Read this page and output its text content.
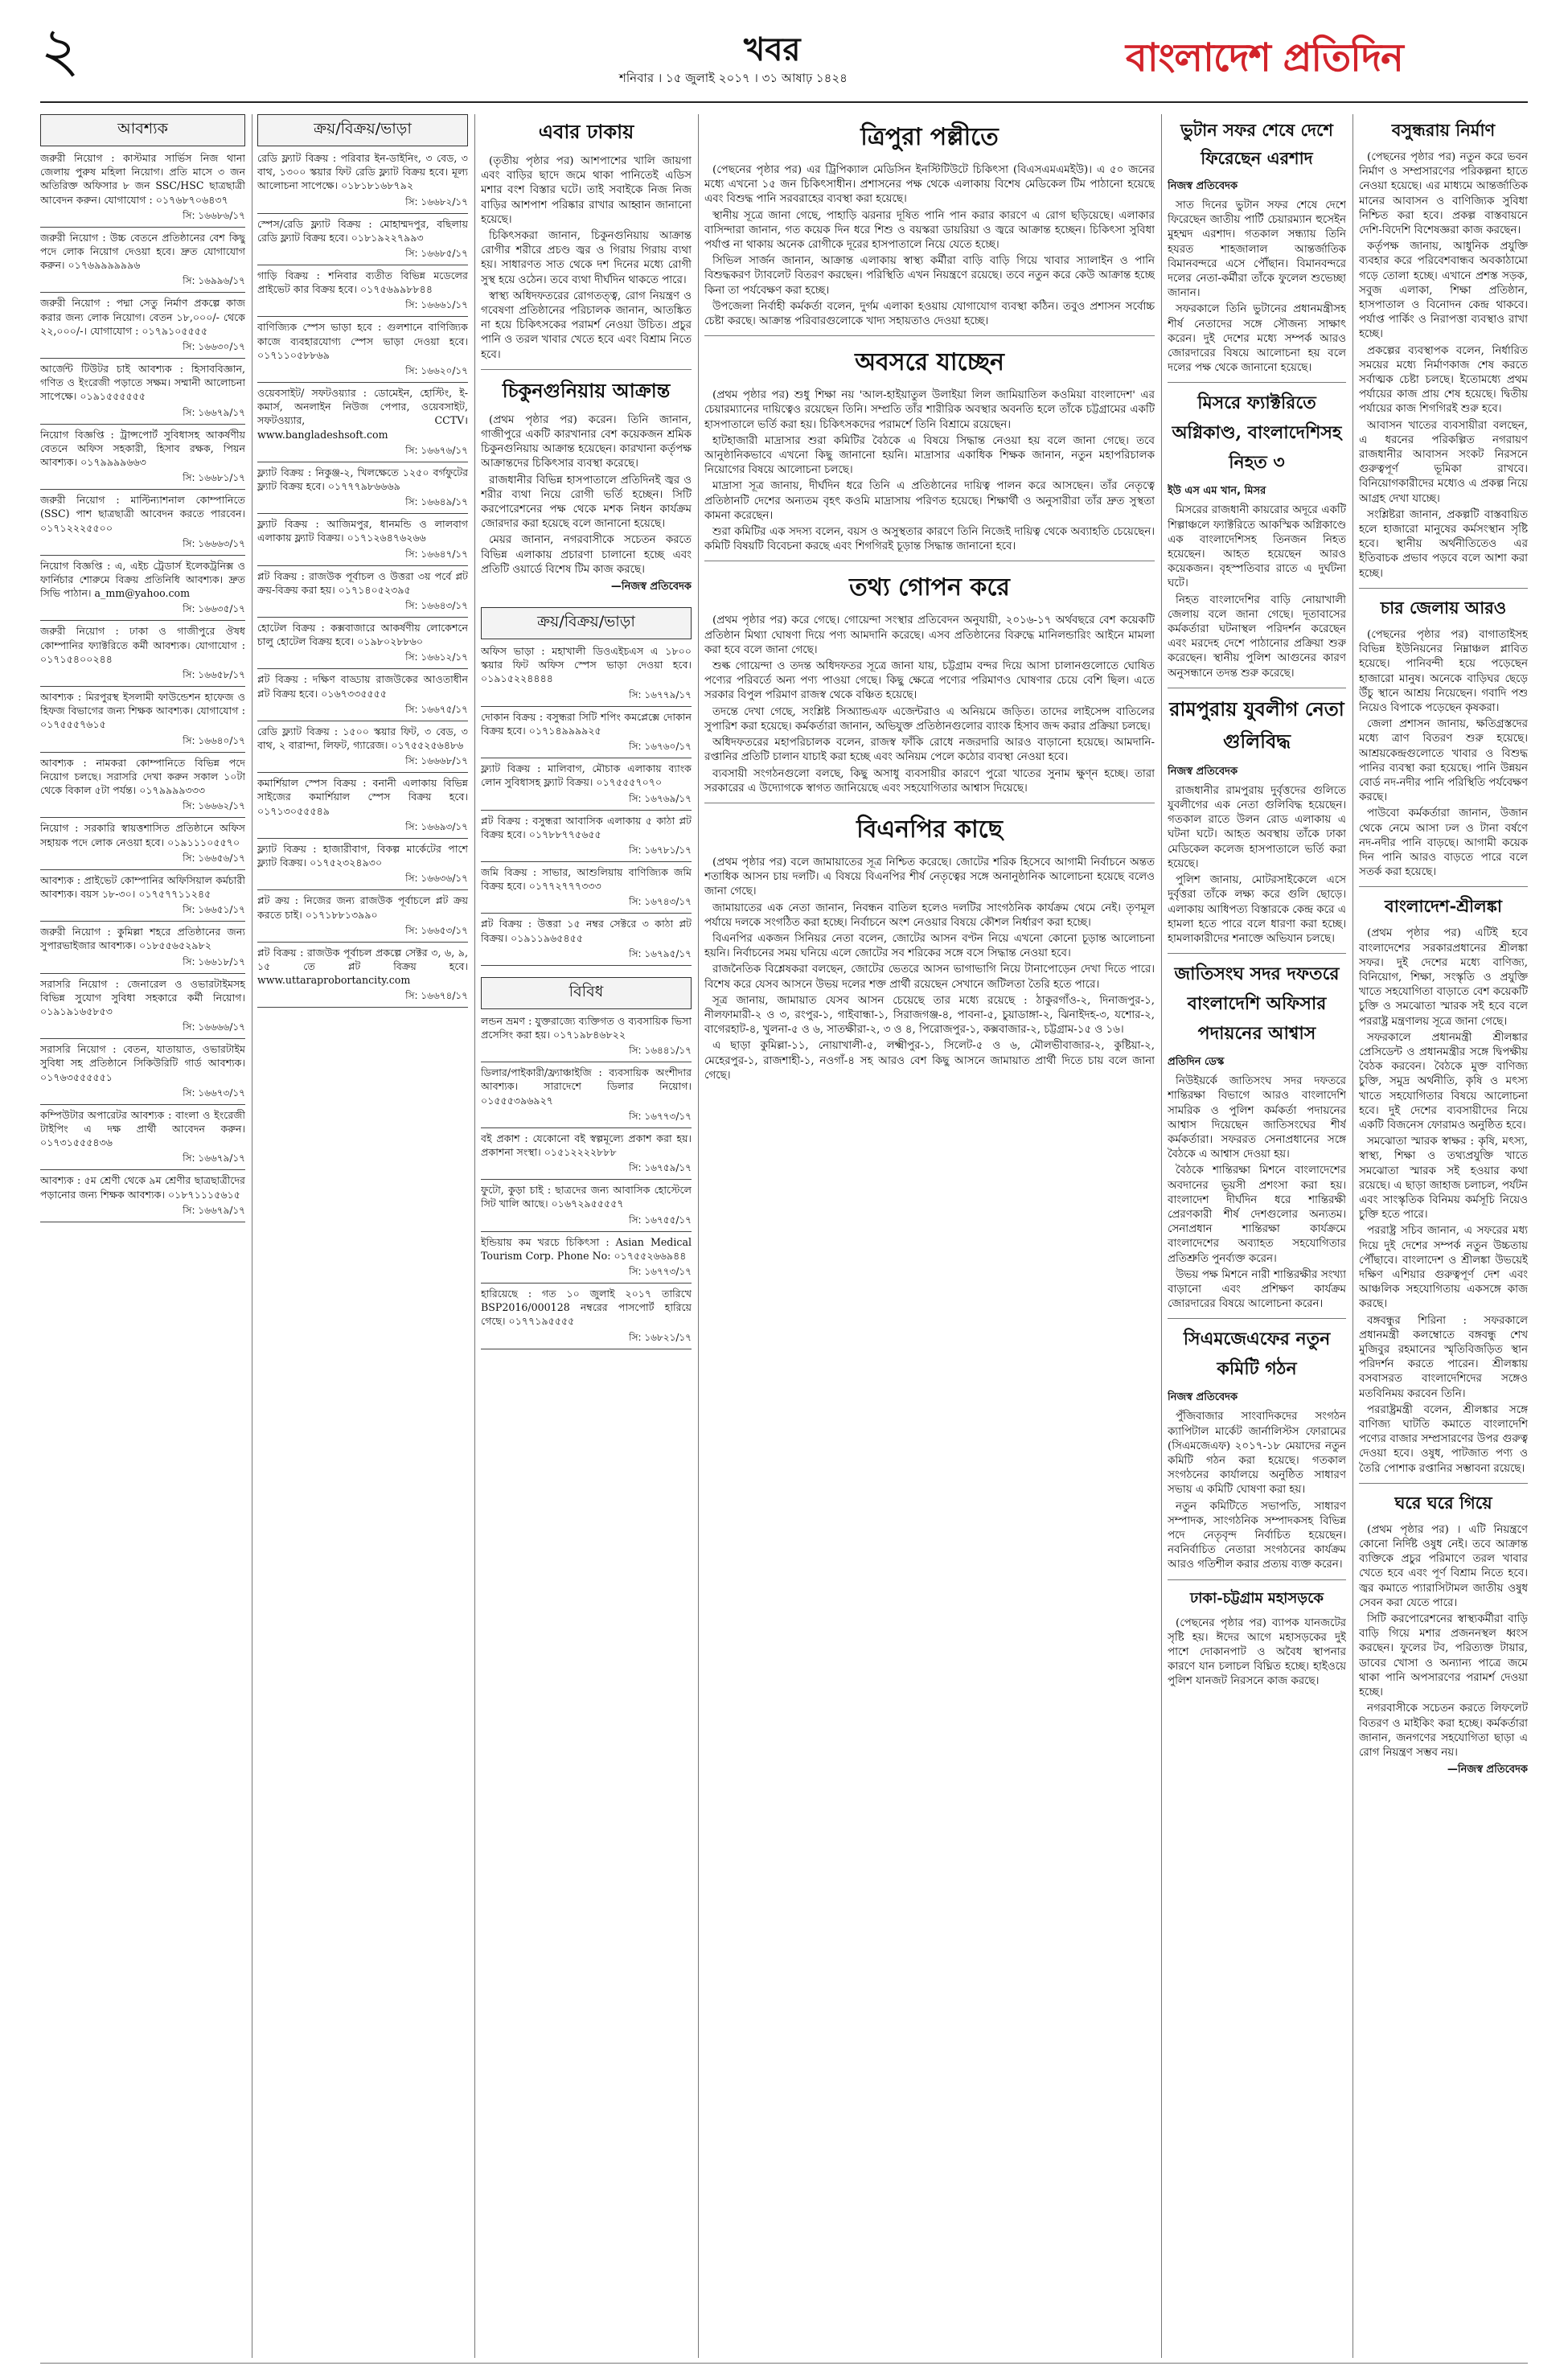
২	খবর
শনিবার । ১৫ জুলাই ২০১৭ । ৩১ আষাঢ় ১৪২৪	বাংলাদেশ প্রতিদিন
আবশ্যক
জরুরী নিয়োগ : কাস্টমার সার্ভিস নিজ থানা জেলায় পুরুষ মহিলা নিয়োগ। প্রতি মাসে ৩ জন অতিরিক্ত অফিসার ৮ জন SSC/HSC ছাত্রছাত্রী আবেদন করুন। যোগাযোগ : ০১৭৬৮৭০৬৪৩৭
সি: ১৬৬৮৬/১৭
জরুরী নিয়োগ : উচ্চ বেতনে প্রতিষ্ঠানের বেশ কিছু পদে লোক নিয়োগ দেওয়া হবে। দ্রুত যোগাযোগ করুন। ০১৭৬৯৯৯৯৯৯৬
সি: ১৬৯৯৬/১৭
জরুরী নিয়োগ : পদ্মা সেতু নির্মাণ প্রকল্পে কাজ করার জন্য লোক নিয়োগ। বেতন ১৮,০০০/- থেকে ২২,০০০/-। যোগাযোগ : ০১৭৯১০৫৫৫৫
সি: ১৬৬৩০/১৭
আর্জেন্ট টিউটর চাই আবশ্যক : হিসাববিজ্ঞান, গণিত ও ইংরেজী পড়াতে সক্ষম। সম্মানী আলোচনা সাপেক্ষে। ০১৯১৫৫৫৫৫৫
সি: ১৬৬৭৯/১৭
নিয়োগ বিজ্ঞপ্তি : ট্রান্সপোর্ট সুবিধাসহ আকর্ষণীয় বেতনে অফিস সহকারী, হিসাব রক্ষক, পিয়ন আবশ্যক। ০১৭৯৯৯৯৬৬৩
সি: ১৬৬৮১/১৭
জরুরী নিয়োগ : মাল্টিন্যাশনাল কোম্পানিতে (SSC) পাশ ছাত্রছাত্রী আবেদন করতে পারবেন। ০১৭১২২২৫৫০০
সি: ১৬৬৬৩/১৭
নিয়োগ বিজ্ঞপ্তি : এ, এইচ ট্রেডার্স ইলেকট্রনিক্স ও ফার্নিচার শোরুমে বিক্রয় প্রতিনিধি আবশ্যক। দ্রুত সিভি পাঠান। a_mm@yahoo.com
সি: ১৬৬৩৫/১৭
জরুরী নিয়োগ : ঢাকা ও গাজীপুরে ঔষধ কোম্পানির ফ্যাক্টরিতে কর্মী আবশ্যক। যোগাযোগ : ০১৭১৫৪০০২৪৪
সি: ১৬৬৫৮/১৭
আবশ্যক : মিরপুরস্থ ইসলামী ফাউন্ডেশন হাফেজ ও হিফজ বিভাগের জন্য শিক্ষক আবশ্যক। যোগাযোগ : ০১৭৫৫৫৭৬১৫
সি: ১৬৬৪০/১৭
আবশ্যক : নামকরা কোম্পানিতে বিভিন্ন পদে নিয়োগ চলছে। সরাসরি দেখা করুন সকাল ১০টা থেকে বিকাল ৫টা পর্যন্ত। ০১৭৯৯৯৯৩৩৩
সি: ১৬৬৬২/১৭
নিয়োগ : সরকারি স্বায়ত্তশাসিত প্রতিষ্ঠানে অফিস সহায়ক পদে লোক নেওয়া হবে। ০১৯১১১০৫৫৭০
সি: ১৬৬৫৬/১৭
আবশ্যক : প্রাইভেট কোম্পানির অফিসিয়াল কর্মচারী আবশ্যক। বয়স ১৮-৩০। ০১৭৫৭৭১১২৪৫
সি: ১৬৬৫১/১৭
জরুরী নিয়োগ : কুমিল্লা শহরে প্রতিষ্ঠানের জন্য সুপারভাইজার আবশ্যক। ০১৮৫৫৬৫২৯৮২
সি: ১৬৬১৮/১৭
সরাসরি নিয়োগ : জেনারেল ও ওভারটাইমসহ বিভিন্ন সুযোগ সুবিধা সহকারে কর্মী নিয়োগ। ০১৯১৯১৬৫৮৫৩
সি: ১৬৬৬৬/১৭
সরাসরি নিয়োগ : বেতন, যাতায়াত, ওভারটাইম সুবিধা সহ প্রতিষ্ঠানে সিকিউরিটি গার্ড আবশ্যক। ০১৭৬৩৫৫৫৫৫১
সি: ১৬৬৭৩/১৭
কম্পিউটার অপারেটর আবশ্যক : বাংলা ও ইংরেজী টাইপিং এ দক্ষ প্রার্থী আবেদন করুন। ০১৭৩১৫৫৫৪৩৬
সি: ১৬৬৭৯/১৭
আবশ্যক : ৫ম শ্রেণী থেকে ৯ম শ্রেণীর ছাত্রছাত্রীদের পড়ানোর জন্য শিক্ষক আবশ্যক। ০১৮৭১১১৫৬১৫
সি: ১৬৬৭৯/১৭
ক্রয়/বিক্রয়/ভাড়া
রেডি ফ্ল্যাট বিক্রয় : পরিবার ইন-ডাইনিং, ৩ বেড, ৩ বাথ, ১৩০০ স্কয়ার ফিট রেডি ফ্ল্যাট বিক্রয় হবে। মূল্য আলোচনা সাপেক্ষে। ০১৮১৮১৬৮৭৯২
সি: ১৬৬৮২/১৭
স্পেস/রেডি ফ্ল্যাট বিক্রয় : মোহাম্মদপুর, বছিলায় রেডি ফ্ল্যাট বিক্রয় হবে। ০১৮১৯২২৭৯৯৩
সি: ১৬৬৮৫/১৭
গাড়ি বিক্রয় : শনিবার ব্যতীত বিভিন্ন মডেলের প্রাইভেট কার বিক্রয় হবে। ০১৭৫৬৯৯৮৮৪৪
সি: ১৬৬৬১/১৭
বাণিজ্যিক স্পেস ভাড়া হবে : গুলশানে বাণিজ্যিক কাজে ব্যবহারযোগ্য স্পেস ভাড়া দেওয়া হবে। ০১৭১১০৫৮৮৬৯
সি: ১৬৬২০/১৭
ওয়েবসাইট/ সফটওয়্যার : ডোমেইন, হোস্টিং, ই-কমার্স, অনলাইন নিউজ পেপার, ওয়েবসাইট, সফটওয়্যার, CCTV। www.bangladeshsoft.com
সি: ১৬৬৭৬/১৭
ফ্ল্যাট বিক্রয় : নিকুঞ্জ-২, খিলক্ষেতে ১২৫০ বর্গফুটের ফ্ল্যাট বিক্রয় হবে। ০১৭৭৭৯৮৬৬৬৯
সি: ১৬৬৪৯/১৭
ফ্ল্যাট বিক্রয় : আজিমপুর, ধানমন্ডি ও লালবাগ এলাকায় ফ্ল্যাট বিক্রয়। ০১৭১২৬৪৭৬২৬৬
সি: ১৬৬৪৭/১৭
প্লট বিক্রয় : রাজউক পূর্বাচল ও উত্তরা ৩য় পর্বে প্লট ক্রয়-বিক্রয় করা হয়। ০১৭১৪০৫২৩৯৫
সি: ১৬৬৪৩/১৭
হোটেল বিক্রয় : কক্সবাজারে আকর্ষণীয় লোকেশনে চালু হোটেল বিক্রয় হবে। ০১৯৮০২৮৮৬০
সি: ১৬৬১২/১৭
প্লট বিক্রয় : দক্ষিণ বাড্ডায় রাজউকের আওতাধীন প্লট বিক্রয় হবে। ০১৬৭৩৩৫৫৫৫
সি: ১৬৬৭৫/১৭
রেডি ফ্ল্যাট বিক্রয় : ১৫০০ স্কয়ার ফিট, ৩ বেড, ৩ বাথ, ২ বারান্দা, লিফট, গ্যারেজ। ০১৭৫৫২৫৬৪৮৬
সি: ১৬৬৬৮/১৭
কমার্শিয়াল স্পেস বিক্রয় : বনানী এলাকায় বিভিন্ন সাইজের কমার্শিয়াল স্পেস বিক্রয় হবে। ০১৭১৩০৫৫৫৪৯
সি: ১৬৬৯৩/১৭
ফ্ল্যাট বিক্রয় : হাজারীবাগ, বিকল্প মার্কেটের পাশে ফ্ল্যাট বিক্রয়। ০১৭৫২৩২৪৯৩০
সি: ১৬৬৩৬/১৭
প্লট ক্রয় : নিজের জন্য রাজউক পূর্বাচলে প্লট ক্রয় করতে চাই। ০১৭১৮৮১৩৯৯০
সি: ১৬৬৫৩/১৭
প্লট বিক্রয় : রাজউক পূর্বাচল প্রকল্পে সেক্টর ৩, ৬, ৯, ১৫ তে প্লট বিক্রয় হবে। www.uttaraprobortancity.com
সি: ১৬৬৭৪/১৭
এবার ঢাকায়

(তৃতীয় পৃষ্ঠার পর) আশপাশের খালি জায়গা এবং বাড়ির ছাদে জমে থাকা পানিতেই এডিস মশার বংশ বিস্তার ঘটে। তাই সবাইকে নিজ নিজ বাড়ির আশপাশ পরিষ্কার রাখার আহ্বান জানানো হয়েছে।

চিকিৎসকরা জানান, চিকুনগুনিয়ায় আক্রান্ত রোগীর শরীরে প্রচণ্ড জ্বর ও গিরায় গিরায় ব্যথা হয়। সাধারণত সাত থেকে দশ দিনের মধ্যে রোগী সুস্থ হয়ে ওঠেন। তবে ব্যথা দীর্ঘদিন থাকতে পারে।

স্বাস্থ্য অধিদফতরের রোগতত্ত্ব, রোগ নিয়ন্ত্রণ ও গবেষণা প্রতিষ্ঠানের পরিচালক জানান, আতঙ্কিত না হয়ে চিকিৎসকের পরামর্শ নেওয়া উচিত। প্রচুর পানি ও তরল খাবার খেতে হবে এবং বিশ্রাম নিতে হবে।

চিকুনগুনিয়ায় আক্রান্ত

(প্রথম পৃষ্ঠার পর) করেন। তিনি জানান, গাজীপুরে একটি কারখানার বেশ কয়েকজন শ্রমিক চিকুনগুনিয়ায় আক্রান্ত হয়েছেন। কারখানা কর্তৃপক্ষ আক্রান্তদের চিকিৎসার ব্যবস্থা করেছে।

রাজধানীর বিভিন্ন হাসপাতালে প্রতিদিনই জ্বর ও শরীর ব্যথা নিয়ে রোগী ভর্তি হচ্ছেন। সিটি করপোরেশনের পক্ষ থেকে মশক নিধন কার্যক্রম জোরদার করা হয়েছে বলে জানানো হয়েছে।

মেয়র জানান, নগরবাসীকে সচেতন করতে বিভিন্ন এলাকায় প্রচারণা চালানো হচ্ছে এবং প্রতিটি ওয়ার্ডে বিশেষ টিম কাজ করছে।

—নিজস্ব প্রতিবেদক
ক্রয়/বিক্রয়/ভাড়া
অফিস ভাড়া : মহাখালী ডিওএইচএস এ ১৮০০ স্কয়ার ফিট অফিস স্পেস ভাড়া দেওয়া হবে। ০১৯১৫২২৪৪৪৪
সি: ১৬৭৭৯/১৭
দোকান বিক্রয় : বসুন্ধরা সিটি শপিং কমপ্লেক্সে দোকান বিক্রয় হবে। ০১৭১৪৯৯৯৯২৫
সি: ১৬৭৬০/১৭
ফ্ল্যাট বিক্রয় : মালিবাগ, মৌচাক এলাকায় ব্যাংক লোন সুবিধাসহ ফ্ল্যাট বিক্রয়। ০১৭৫৫৫৭০৭০
সি: ১৬৭৬৯/১৭
প্লট বিক্রয় : বসুন্ধরা আবাসিক এলাকায় ৫ কাঠা প্লট বিক্রয় হবে। ০১৭৮৮৭৭৫৬৫৫
সি: ১৬৭৮১/১৭
জমি বিক্রয় : সাভার, আশুলিয়ায় বাণিজ্যিক জমি বিক্রয় হবে। ০১৭৭২৭৭৭৩৩৩
সি: ১৬৭৪৩/১৭
প্লট বিক্রয় : উত্তরা ১৫ নম্বর সেক্টরে ৩ কাঠা প্লট বিক্রয়। ০১৯১১৯৬৫৪৫৫
সি: ১৬৭৯৫/১৭
বিবিধ
লন্ডন ভ্রমণ : যুক্তরাজ্যে ব্যক্তিগত ও ব্যবসায়িক ভিসা প্রসেসিং করা হয়। ০১৭১৯৮৪৬৮২২
সি: ১৬৪৪১/১৭
ডিলার/পাইকারী/ফ্র্যাঞ্চাইজি : ব্যবসায়িক অংশীদার আবশ্যক। সারাদেশে ডিলার নিয়োগ। ০১৫৫৫৩৯৬৯২৭
সি: ১৬৭৭৩/১৭
বই প্রকাশ : যেকোনো বই স্বল্পমূল্যে প্রকাশ করা হয়। প্রকাশনা সংস্থা। ০১৫১২২২২৮৮৮
সি: ১৬৭৫৯/১৭
ফুটো, কুড়া চাই : ছাত্রদের জন্য আবাসিক হোস্টেলে সিট খালি আছে। ০১৬৭২৯৫৫৫৫৭
সি: ১৬৭৫৫/১৭
ইন্ডিয়ায় কম খরচে চিকিৎসা : Asian Medical Tourism Corp. Phone No: ০১৭৫৫২৬৬৯৪৪
সি: ১৬৭৭৩/১৭
হারিয়েছে : গত ১০ জুলাই ২০১৭ তারিখে BSP2016/000128 নম্বরের পাসপোর্ট হারিয়ে গেছে। ০১৭৭১৯৫৫৫৫
সি: ১৬৮২১/১৭
ত্রিপুরা পল্লীতে

(পেছনের পৃষ্ঠার পর) এর ট্রিপিক্যাল মেডিসিন ইনস্টিটিউটে চিকিৎসা (বিএসএমএমইউ)। এ ৫০ জনের মধ্যে এখনো ১৫ জন চিকিৎসাধীন। প্রশাসনের পক্ষ থেকে এলাকায় বিশেষ মেডিকেল টিম পাঠানো হয়েছে এবং বিশুদ্ধ পানি সরবরাহের ব্যবস্থা করা হয়েছে।

স্থানীয় সূত্রে জানা গেছে, পাহাড়ি ঝরনার দূষিত পানি পান করার কারণে এ রোগ ছড়িয়েছে। এলাকার বাসিন্দারা জানান, গত কয়েক দিন ধরে শিশু ও বয়স্করা ডায়রিয়া ও জ্বরে আক্রান্ত হচ্ছেন। চিকিৎসা সুবিধা পর্যাপ্ত না থাকায় অনেক রোগীকে দূরের হাসপাতালে নিয়ে যেতে হচ্ছে।

সিভিল সার্জন জানান, আক্রান্ত এলাকায় স্বাস্থ্য কর্মীরা বাড়ি বাড়ি গিয়ে খাবার স্যালাইন ও পানি বিশুদ্ধকরণ ট্যাবলেট বিতরণ করছেন। পরিস্থিতি এখন নিয়ন্ত্রণে রয়েছে। তবে নতুন করে কেউ আক্রান্ত হচ্ছে কিনা তা পর্যবেক্ষণ করা হচ্ছে।

উপজেলা নির্বাহী কর্মকর্তা বলেন, দুর্গম এলাকা হওয়ায় যোগাযোগ ব্যবস্থা কঠিন। তবুও প্রশাসন সর্বোচ্চ চেষ্টা করছে। আক্রান্ত পরিবারগুলোকে খাদ্য সহায়তাও দেওয়া হচ্ছে।

অবসরে যাচ্ছেন

(প্রথম পৃষ্ঠার পর) শুধু শিক্ষা নয় 'আল-হাইয়াতুল উলাইয়া লিল জামিয়াতিল কওমিয়া বাংলাদেশ' এর চেয়ারম্যানের দায়িত্বেও রয়েছেন তিনি। সম্প্রতি তাঁর শারীরিক অবস্থার অবনতি হলে তাঁকে চট্টগ্রামের একটি হাসপাতালে ভর্তি করা হয়। চিকিৎসকদের পরামর্শে তিনি বিশ্রামে রয়েছেন।

হাটহাজারী মাদ্রাসার শুরা কমিটির বৈঠকে এ বিষয়ে সিদ্ধান্ত নেওয়া হয় বলে জানা গেছে। তবে আনুষ্ঠানিকভাবে এখনো কিছু জানানো হয়নি। মাদ্রাসার একাধিক শিক্ষক জানান, নতুন মহাপরিচালক নিয়োগের বিষয়ে আলোচনা চলছে।

মাদ্রাসা সূত্র জানায়, দীর্ঘদিন ধরে তিনি এ প্রতিষ্ঠানের দায়িত্ব পালন করে আসছেন। তাঁর নেতৃত্বে প্রতিষ্ঠানটি দেশের অন্যতম বৃহৎ কওমি মাদ্রাসায় পরিণত হয়েছে। শিক্ষার্থী ও অনুসারীরা তাঁর দ্রুত সুস্থতা কামনা করেছেন।

শুরা কমিটির এক সদস্য বলেন, বয়স ও অসুস্থতার কারণে তিনি নিজেই দায়িত্ব থেকে অব্যাহতি চেয়েছেন। কমিটি বিষয়টি বিবেচনা করছে এবং শিগগিরই চূড়ান্ত সিদ্ধান্ত জানানো হবে।

তথ্য গোপন করে

(প্রথম পৃষ্ঠার পর) করে গেছে। গোয়েন্দা সংস্থার প্রতিবেদন অনুযায়ী, ২০১৬-১৭ অর্থবছরে বেশ কয়েকটি প্রতিষ্ঠান মিথ্যা ঘোষণা দিয়ে পণ্য আমদানি করেছে। এসব প্রতিষ্ঠানের বিরুদ্ধে মানিলন্ডারিং আইনে মামলা করা হবে বলে জানা গেছে।

শুল্ক গোয়েন্দা ও তদন্ত অধিদফতর সূত্রে জানা যায়, চট্টগ্রাম বন্দর দিয়ে আসা চালানগুলোতে ঘোষিত পণ্যের পরিবর্তে অন্য পণ্য পাওয়া গেছে। কিছু ক্ষেত্রে পণ্যের পরিমাণও ঘোষণার চেয়ে বেশি ছিল। এতে সরকার বিপুল পরিমাণ রাজস্ব থেকে বঞ্চিত হয়েছে।

তদন্তে দেখা গেছে, সংশ্লিষ্ট সিঅ্যান্ডএফ এজেন্টরাও এ অনিয়মে জড়িত। তাদের লাইসেন্স বাতিলের সুপারিশ করা হয়েছে। কর্মকর্তারা জানান, অভিযুক্ত প্রতিষ্ঠানগুলোর ব্যাংক হিসাব জব্দ করার প্রক্রিয়া চলছে।

অধিদফতরের মহাপরিচালক বলেন, রাজস্ব ফাঁকি রোধে নজরদারি আরও বাড়ানো হয়েছে। আমদানি-রপ্তানির প্রতিটি চালান যাচাই করা হচ্ছে এবং অনিয়ম পেলে কঠোর ব্যবস্থা নেওয়া হবে।

ব্যবসায়ী সংগঠনগুলো বলছে, কিছু অসাধু ব্যবসায়ীর কারণে পুরো খাতের সুনাম ক্ষুণ্ন হচ্ছে। তারা সরকারের এ উদ্যোগকে স্বাগত জানিয়েছে এবং সহযোগিতার আশ্বাস দিয়েছে।

বিএনপির কাছে

(প্রথম পৃষ্ঠার পর) বলে জামায়াতের সূত্র নিশ্চিত করেছে। জোটের শরিক হিসেবে আগামী নির্বাচনে অন্তত শতাধিক আসন চায় দলটি। এ বিষয়ে বিএনপির শীর্ষ নেতৃত্বের সঙ্গে অনানুষ্ঠানিক আলোচনা হয়েছে বলেও জানা গেছে।

জামায়াতের এক নেতা জানান, নিবন্ধন বাতিল হলেও দলটির সাংগঠনিক কার্যক্রম থেমে নেই। তৃণমূল পর্যায়ে দলকে সংগঠিত করা হচ্ছে। নির্বাচনে অংশ নেওয়ার বিষয়ে কৌশল নির্ধারণ করা হচ্ছে।

বিএনপির একজন সিনিয়র নেতা বলেন, জোটের আসন বণ্টন নিয়ে এখনো কোনো চূড়ান্ত আলোচনা হয়নি। নির্বাচনের সময় ঘনিয়ে এলে জোটের সব শরিকের সঙ্গে বসে সিদ্ধান্ত নেওয়া হবে।

রাজনৈতিক বিশ্লেষকরা বলছেন, জোটের ভেতরে আসন ভাগাভাগি নিয়ে টানাপোড়েন দেখা দিতে পারে। বিশেষ করে যেসব আসনে উভয় দলের শক্ত প্রার্থী রয়েছেন সেখানে জটিলতা তৈরি হতে পারে।

সূত্র জানায়, জামায়াত যেসব আসন চেয়েছে তার মধ্যে রয়েছে : ঠাকুরগাঁও-২, দিনাজপুর-১, নীলফামারী-২ ও ৩, রংপুর-১, গাইবান্ধা-১, সিরাজগঞ্জ-৪, পাবনা-৫, চুয়াডাঙ্গা-২, ঝিনাইদহ-৩, যশোর-২, বাগেরহাট-৪, খুলনা-৫ ও ৬, সাতক্ষীরা-২, ৩ ও ৪, পিরোজপুর-১, কক্সবাজার-২, চট্টগ্রাম-১৫ ও ১৬।

এ ছাড়া কুমিল্লা-১১, নোয়াখালী-৫, লক্ষ্মীপুর-১, সিলেট-৫ ও ৬, মৌলভীবাজার-২, কুষ্টিয়া-২, মেহেরপুর-১, রাজশাহী-১, নওগাঁ-৪ সহ আরও বেশ কিছু আসনে জামায়াত প্রার্থী দিতে চায় বলে জানা গেছে।

ভুটান সফর শেষে দেশে ফিরেছেন এরশাদ
নিজস্ব প্রতিবেদক

সাত দিনের ভুটান সফর শেষে দেশে ফিরেছেন জাতীয় পার্টি চেয়ারম্যান হুসেইন মুহম্মদ এরশাদ। গতকাল সন্ধ্যায় তিনি হযরত শাহজালাল আন্তর্জাতিক বিমানবন্দরে এসে পৌঁছান। বিমানবন্দরে দলের নেতা-কর্মীরা তাঁকে ফুলেল শুভেচ্ছা জানান।

সফরকালে তিনি ভুটানের প্রধানমন্ত্রীসহ শীর্ষ নেতাদের সঙ্গে সৌজন্য সাক্ষাৎ করেন। দুই দেশের মধ্যে সম্পর্ক আরও জোরদারের বিষয়ে আলোচনা হয় বলে দলের পক্ষ থেকে জানানো হয়েছে।

মিসরে ফ্যাক্টরিতে অগ্নিকাণ্ড, বাংলাদেশিসহ নিহত ৩
ইউ এস এম খান, মিসর

মিসরের রাজধানী কায়রোর অদূরে একটি শিল্পাঞ্চলে ফ্যাক্টরিতে আকস্মিক অগ্নিকাণ্ডে এক বাংলাদেশিসহ তিনজন নিহত হয়েছেন। আহত হয়েছেন আরও কয়েকজন। বৃহস্পতিবার রাতে এ দুর্ঘটনা ঘটে।

নিহত বাংলাদেশির বাড়ি নোয়াখালী জেলায় বলে জানা গেছে। দূতাবাসের কর্মকর্তারা ঘটনাস্থল পরিদর্শন করেছেন এবং মরদেহ দেশে পাঠানোর প্রক্রিয়া শুরু করেছেন। স্থানীয় পুলিশ আগুনের কারণ অনুসন্ধানে তদন্ত শুরু করেছে।

রামপুরায় যুবলীগ নেতা গুলিবিদ্ধ
নিজস্ব প্রতিবেদক

রাজধানীর রামপুরায় দুর্বৃত্তদের গুলিতে যুবলীগের এক নেতা গুলিবিদ্ধ হয়েছেন। গতকাল রাতে উলন রোড এলাকায় এ ঘটনা ঘটে। আহত অবস্থায় তাঁকে ঢাকা মেডিকেল কলেজ হাসপাতালে ভর্তি করা হয়েছে।

পুলিশ জানায়, মোটরসাইকেলে এসে দুর্বৃত্তরা তাঁকে লক্ষ্য করে গুলি ছোড়ে। এলাকায় আধিপত্য বিস্তারকে কেন্দ্র করে এ হামলা হতে পারে বলে ধারণা করা হচ্ছে। হামলাকারীদের শনাক্তে অভিযান চলছে।

জাতিসংঘ সদর দফতরে বাংলাদেশি অফিসার পদায়নের আশ্বাস
প্রতিদিন ডেস্ক

নিউইয়র্কে জাতিসংঘ সদর দফতরে শান্তিরক্ষা বিভাগে আরও বাংলাদেশি সামরিক ও পুলিশ কর্মকর্তা পদায়নের আশ্বাস দিয়েছেন জাতিসংঘের শীর্ষ কর্মকর্তারা। সফররত সেনাপ্রধানের সঙ্গে বৈঠকে এ আশ্বাস দেওয়া হয়।

বৈঠকে শান্তিরক্ষা মিশনে বাংলাদেশের অবদানের ভূয়সী প্রশংসা করা হয়। বাংলাদেশ দীর্ঘদিন ধরে শান্তিরক্ষী প্রেরণকারী শীর্ষ দেশগুলোর অন্যতম। সেনাপ্রধান শান্তিরক্ষা কার্যক্রমে বাংলাদেশের অব্যাহত সহযোগিতার প্রতিশ্রুতি পুনর্ব্যক্ত করেন।

উভয় পক্ষ মিশনে নারী শান্তিরক্ষীর সংখ্যা বাড়ানো এবং প্রশিক্ষণ কার্যক্রম জোরদারের বিষয়ে আলোচনা করেন।

সিএমজেএফের নতুন কমিটি গঠন
নিজস্ব প্রতিবেদক

পুঁজিবাজার সাংবাদিকদের সংগঠন ক্যাপিটাল মার্কেট জার্নালিস্টস ফোরামের (সিএমজেএফ) ২০১৭-১৮ মেয়াদের নতুন কমিটি গঠন করা হয়েছে। গতকাল সংগঠনের কার্যালয়ে অনুষ্ঠিত সাধারণ সভায় এ কমিটি ঘোষণা করা হয়।

নতুন কমিটিতে সভাপতি, সাধারণ সম্পাদক, সাংগঠনিক সম্পাদকসহ বিভিন্ন পদে নেতৃবৃন্দ নির্বাচিত হয়েছেন। নবনির্বাচিত নেতারা সংগঠনের কার্যক্রম আরও গতিশীল করার প্রত্যয় ব্যক্ত করেন।

ঢাকা-চট্টগ্রাম মহাসড়কে

(পেছনের পৃষ্ঠার পর) ব্যাপক যানজটের সৃষ্টি হয়। ঈদের আগে মহাসড়কের দুই পাশে দোকানপাট ও অবৈধ স্থাপনার কারণে যান চলাচল বিঘ্নিত হচ্ছে। হাইওয়ে পুলিশ যানজট নিরসনে কাজ করছে।

বসুন্ধরায় নির্মাণ

(পেছনের পৃষ্ঠার পর) নতুন করে ভবন নির্মাণ ও সম্প্রসারণের পরিকল্পনা হাতে নেওয়া হয়েছে। এর মাধ্যমে আন্তর্জাতিক মানের আবাসন ও বাণিজ্যিক সুবিধা নিশ্চিত করা হবে। প্রকল্প বাস্তবায়নে দেশি-বিদেশি বিশেষজ্ঞরা কাজ করছেন।

কর্তৃপক্ষ জানায়, আধুনিক প্রযুক্তি ব্যবহার করে পরিবেশবান্ধব অবকাঠামো গড়ে তোলা হচ্ছে। এখানে প্রশস্ত সড়ক, সবুজ এলাকা, শিক্ষা প্রতিষ্ঠান, হাসপাতাল ও বিনোদন কেন্দ্র থাকবে। পর্যাপ্ত পার্কিং ও নিরাপত্তা ব্যবস্থাও রাখা হচ্ছে।

প্রকল্পের ব্যবস্থাপক বলেন, নির্ধারিত সময়ের মধ্যে নির্মাণকাজ শেষ করতে সর্বাত্মক চেষ্টা চলছে। ইতোমধ্যে প্রথম পর্যায়ের কাজ প্রায় শেষ হয়েছে। দ্বিতীয় পর্যায়ের কাজ শিগগিরই শুরু হবে।

আবাসন খাতের ব্যবসায়ীরা বলছেন, এ ধরনের পরিকল্পিত নগরায়ণ রাজধানীর আবাসন সংকট নিরসনে গুরুত্বপূর্ণ ভূমিকা রাখবে। বিনিয়োগকারীদের মধ্যেও এ প্রকল্প নিয়ে আগ্রহ দেখা যাচ্ছে।

সংশ্লিষ্টরা জানান, প্রকল্পটি বাস্তবায়িত হলে হাজারো মানুষের কর্মসংস্থান সৃষ্টি হবে। স্থানীয় অর্থনীতিতেও এর ইতিবাচক প্রভাব পড়বে বলে আশা করা হচ্ছে।

চার জেলায় আরও

(পেছনের পৃষ্ঠার পর) বাগাতাইসহ বিভিন্ন ইউনিয়নের নিম্নাঞ্চল প্লাবিত হয়েছে। পানিবন্দী হয়ে পড়েছেন হাজারো মানুষ। অনেকে বাড়িঘর ছেড়ে উঁচু স্থানে আশ্রয় নিয়েছেন। গবাদি পশু নিয়েও বিপাকে পড়েছেন কৃষকরা।

জেলা প্রশাসন জানায়, ক্ষতিগ্রস্তদের মধ্যে ত্রাণ বিতরণ শুরু হয়েছে। আশ্রয়কেন্দ্রগুলোতে খাবার ও বিশুদ্ধ পানির ব্যবস্থা করা হয়েছে। পানি উন্নয়ন বোর্ড নদ-নদীর পানি পরিস্থিতি পর্যবেক্ষণ করছে।

পাউবো কর্মকর্তারা জানান, উজান থেকে নেমে আসা ঢল ও টানা বর্ষণে নদ-নদীর পানি বাড়ছে। আগামী কয়েক দিন পানি আরও বাড়তে পারে বলে সতর্ক করা হয়েছে।

বাংলাদেশ-শ্রীলঙ্কা

(প্রথম পৃষ্ঠার পর) এটিই হবে বাংলাদেশের সরকারপ্রধানের শ্রীলঙ্কা সফর। দুই দেশের মধ্যে বাণিজ্য, বিনিয়োগ, শিক্ষা, সংস্কৃতি ও প্রযুক্তি খাতে সহযোগিতা বাড়াতে বেশ কয়েকটি চুক্তি ও সমঝোতা স্মারক সই হবে বলে পররাষ্ট্র মন্ত্রণালয় সূত্রে জানা গেছে।

সফরকালে প্রধানমন্ত্রী শ্রীলঙ্কার প্রেসিডেন্ট ও প্রধানমন্ত্রীর সঙ্গে দ্বিপক্ষীয় বৈঠক করবেন। বৈঠকে মুক্ত বাণিজ্য চুক্তি, সমুদ্র অর্থনীতি, কৃষি ও মৎস্য খাতে সহযোগিতার বিষয়ে আলোচনা হবে। দুই দেশের ব্যবসায়ীদের নিয়ে একটি বিজনেস ফোরামও অনুষ্ঠিত হবে।

সমঝোতা স্মারক স্বাক্ষর : কৃষি, মৎস্য, স্বাস্থ্য, শিক্ষা ও তথ্যপ্রযুক্তি খাতে সমঝোতা স্মারক সই হওয়ার কথা রয়েছে। এ ছাড়া জাহাজ চলাচল, পর্যটন এবং সাংস্কৃতিক বিনিময় কর্মসূচি নিয়েও চুক্তি হতে পারে।

পররাষ্ট্র সচিব জানান, এ সফরের মধ্য দিয়ে দুই দেশের সম্পর্ক নতুন উচ্চতায় পৌঁছাবে। বাংলাদেশ ও শ্রীলঙ্কা উভয়েই দক্ষিণ এশিয়ার গুরুত্বপূর্ণ দেশ এবং আঞ্চলিক সহযোগিতায় একসঙ্গে কাজ করছে।

বঙ্গবন্ধুর শিরিনা : সফরকালে প্রধানমন্ত্রী কলম্বোতে বঙ্গবন্ধু শেখ মুজিবুর রহমানের স্মৃতিবিজড়িত স্থান পরিদর্শন করতে পারেন। শ্রীলঙ্কায় বসবাসরত বাংলাদেশিদের সঙ্গেও মতবিনিময় করবেন তিনি।

পররাষ্ট্রমন্ত্রী বলেন, শ্রীলঙ্কার সঙ্গে বাণিজ্য ঘাটতি কমাতে বাংলাদেশি পণ্যের বাজার সম্প্রসারণের উপর গুরুত্ব দেওয়া হবে। ওষুধ, পাটজাত পণ্য ও তৈরি পোশাক রপ্তানির সম্ভাবনা রয়েছে।

ঘরে ঘরে গিয়ে

(প্রথম পৃষ্ঠার পর) । এটি নিয়ন্ত্রণে কোনো নির্দিষ্ট ওষুধ নেই। তবে আক্রান্ত ব্যক্তিকে প্রচুর পরিমাণে তরল খাবার খেতে হবে এবং পূর্ণ বিশ্রাম নিতে হবে। জ্বর কমাতে প্যারাসিটামল জাতীয় ওষুধ সেবন করা যেতে পারে।

সিটি করপোরেশনের স্বাস্থ্যকর্মীরা বাড়ি বাড়ি গিয়ে মশার প্রজননস্থল ধ্বংস করছেন। ফুলের টব, পরিত্যক্ত টায়ার, ডাবের খোসা ও অন্যান্য পাত্রে জমে থাকা পানি অপসারণের পরামর্শ দেওয়া হচ্ছে।

নগরবাসীকে সচেতন করতে লিফলেট বিতরণ ও মাইকিং করা হচ্ছে। কর্মকর্তারা জানান, জনগণের সহযোগিতা ছাড়া এ রোগ নিয়ন্ত্রণ সম্ভব নয়।

—নিজস্ব প্রতিবেদক
